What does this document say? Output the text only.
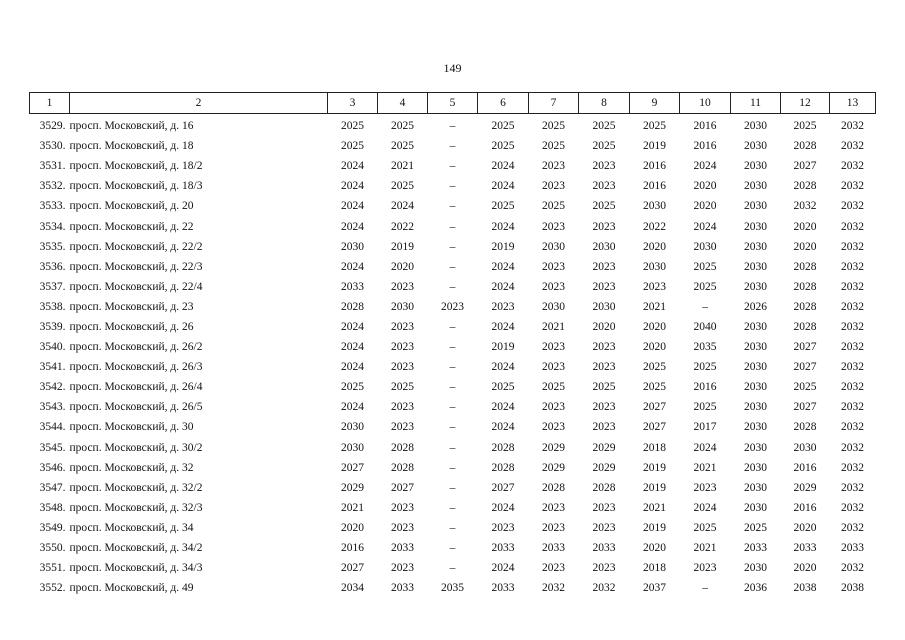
149
1	2	3	4	5	6	7	8	9	10	11	12	13
3529.	просп. Московский, д. 16	2025	2025	–	2025	2025	2025	2025	2016	2030	2025	2032
3530.	просп. Московский, д. 18	2025	2025	–	2025	2025	2025	2019	2016	2030	2028	2032
3531.	просп. Московский, д. 18/2	2024	2021	–	2024	2023	2023	2016	2024	2030	2027	2032
3532.	просп. Московский, д. 18/3	2024	2025	–	2024	2023	2023	2016	2020	2030	2028	2032
3533.	просп. Московский, д. 20	2024	2024	–	2025	2025	2025	2030	2020	2030	2032	2032
3534.	просп. Московский, д. 22	2024	2022	–	2024	2023	2023	2022	2024	2030	2020	2032
3535.	просп. Московский, д. 22/2	2030	2019	–	2019	2030	2030	2020	2030	2030	2020	2032
3536.	просп. Московский, д. 22/3	2024	2020	–	2024	2023	2023	2030	2025	2030	2028	2032
3537.	просп. Московский, д. 22/4	2033	2023	–	2024	2023	2023	2023	2025	2030	2028	2032
3538.	просп. Московский, д. 23	2028	2030	2023	2023	2030	2030	2021	–	2026	2028	2032
3539.	просп. Московский, д. 26	2024	2023	–	2024	2021	2020	2020	2040	2030	2028	2032
3540.	просп. Московский, д. 26/2	2024	2023	–	2019	2023	2023	2020	2035	2030	2027	2032
3541.	просп. Московский, д. 26/3	2024	2023	–	2024	2023	2023	2025	2025	2030	2027	2032
3542.	просп. Московский, д. 26/4	2025	2025	–	2025	2025	2025	2025	2016	2030	2025	2032
3543.	просп. Московский, д. 26/5	2024	2023	–	2024	2023	2023	2027	2025	2030	2027	2032
3544.	просп. Московский, д. 30	2030	2023	–	2024	2023	2023	2027	2017	2030	2028	2032
3545.	просп. Московский, д. 30/2	2030	2028	–	2028	2029	2029	2018	2024	2030	2030	2032
3546.	просп. Московский, д. 32	2027	2028	–	2028	2029	2029	2019	2021	2030	2016	2032
3547.	просп. Московский, д. 32/2	2029	2027	–	2027	2028	2028	2019	2023	2030	2029	2032
3548.	просп. Московский, д. 32/3	2021	2023	–	2024	2023	2023	2021	2024	2030	2016	2032
3549.	просп. Московский, д. 34	2020	2023	–	2023	2023	2023	2019	2025	2025	2020	2032
3550.	просп. Московский, д. 34/2	2016	2033	–	2033	2033	2033	2020	2021	2033	2033	2033
3551.	просп. Московский, д. 34/3	2027	2023	–	2024	2023	2023	2018	2023	2030	2020	2032
3552.	просп. Московский, д. 49	2034	2033	2035	2033	2032	2032	2037	–	2036	2038	2038
